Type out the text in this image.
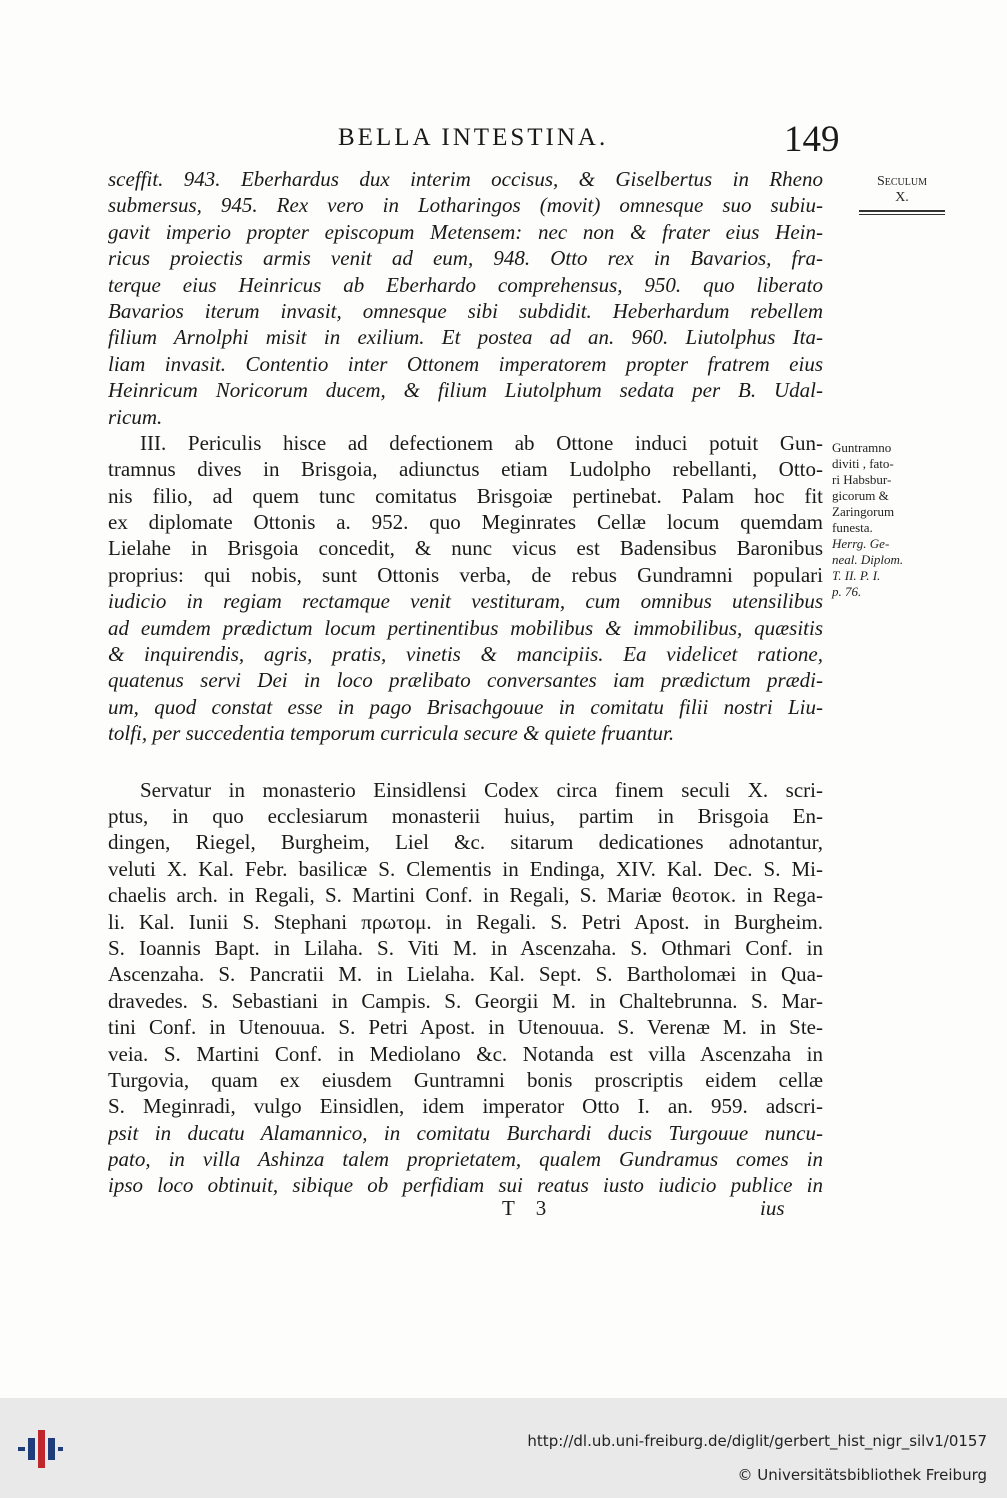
BELLA INTESTINA.	149
Seculum
X.
Guntramno
diviti , fato-
ri Habsbur-
gicorum &
Zaringorum
funesta.
Herrg. Ge-
neal. Diplom.
T. II. P. I.
p. 76.
sceffit. 943. Eberhardus dux interim occisus, & Giselbertus in Rheno
submersus, 945. Rex vero in Lotharingos (movit) omnesque suo subiu-
gavit imperio propter episcopum Metensem: nec non & frater eius Hein-
ricus proiectis armis venit ad eum, 948. Otto rex in Bavarios, fra-
terque eius Heinricus ab Eberhardo comprehensus, 950. quo liberato
Bavarios iterum invasit, omnesque sibi subdidit. Heberhardum rebellem
filium Arnolphi misit in exilium. Et postea ad an. 960. Liutolphus Ita-
liam invasit. Contentio inter Ottonem imperatorem propter fratrem eius
Heinricum Noricorum ducem, & filium Liutolphum sedata per B. Udal-
ricum.
III. Periculis hisce ad defectionem ab Ottone induci potuit Gun-
tramnus dives in Brisgoia, adiunctus etiam Ludolpho rebellanti, Otto-
nis filio, ad quem tunc comitatus Brisgoiæ pertinebat. Palam hoc fit
ex diplomate Ottonis a. 952. quo Meginrates Cellæ locum quemdam
Lielahe in Brisgoia concedit, & nunc vicus est Badensibus Baronibus
proprius: qui nobis, sunt Ottonis verba, de rebus Gundramni populari
iudicio in regiam rectamque venit vestituram, cum omnibus utensilibus
ad eumdem prædictum locum pertinentibus mobilibus & immobilibus, quæsitis
& inquirendis, agris, pratis, vinetis & mancipiis. Ea videlicet ratione,
quatenus servi Dei in loco prælibato conversantes iam prædictum prædi-
um, quod constat esse in pago Brisachgouue in comitatu filii nostri Liu-
tolfi, per succedentia temporum curricula secure & quiete fruantur.
Servatur in monasterio Einsidlensi Codex circa finem seculi X. scri-
ptus, in quo ecclesiarum monasterii huius, partim in Brisgoia En-
dingen, Riegel, Burgheim, Liel &c. sitarum dedicationes adnotantur,
veluti X. Kal. Febr. basilicæ S. Clementis in Endinga, XIV. Kal. Dec. S. Mi-
chaelis arch. in Regali, S. Martini Conf. in Regali, S. Mariæ θεοτοκ. in Rega-
li. Kal. Iunii S. Stephani πρωτομ. in Regali. S. Petri Apost. in Burgheim.
S. Ioannis Bapt. in Lilaha. S. Viti M. in Ascenzaha. S. Othmari Conf. in
Ascenzaha. S. Pancratii M. in Lielaha. Kal. Sept. S. Bartholomæi in Qua-
dravedes. S. Sebastiani in Campis. S. Georgii M. in Chaltebrunna. S. Mar-
tini Conf. in Utenouua. S. Petri Apost. in Utenouua. S. Verenæ M. in Ste-
veia. S. Martini Conf. in Mediolano &c. Notanda est villa Ascenzaha in
Turgovia, quam ex eiusdem Guntramni bonis proscriptis eidem cellæ
S. Meginradi, vulgo Einsidlen, idem imperator Otto I. an. 959. adscri-
psit in ducatu Alamannico, in comitatu Burchardi ducis Turgouue nuncu-
pato, in villa Ashinza talem proprietatem, qualem Gundramus comes in
ipso loco obtinuit, sibique ob perfidiam sui reatus iusto iudicio publice in
T 3	ius
http://dl.ub.uni-freiburg.de/diglit/gerbert_hist_nigr_silv1/0157
© Universitätsbibliothek Freiburg
